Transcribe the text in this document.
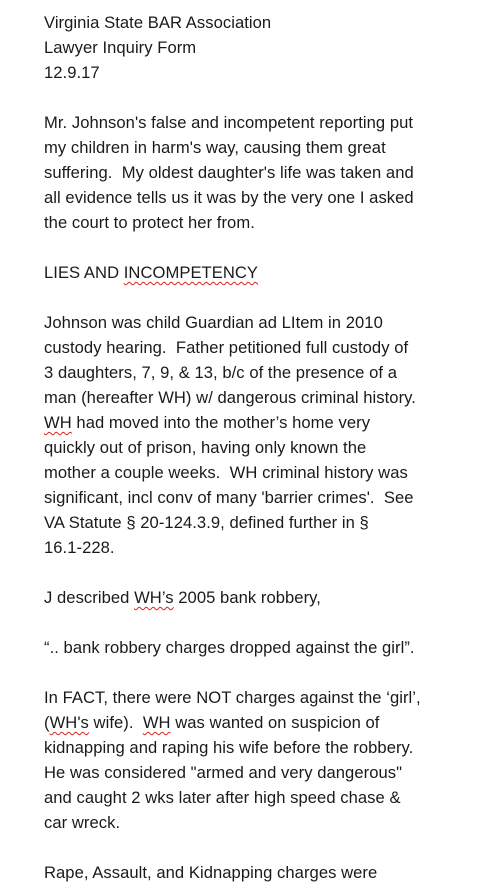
Virginia State BAR Association
Lawyer Inquiry Form
12.9.17
Mr. Johnson's false and incompetent reporting put
my children in harm's way, causing them great
suffering.  My oldest daughter's life was taken and
all evidence tells us it was by the very one I asked
the court to protect her from.
LIES AND INCOMPETENCY
Johnson was child Guardian ad LItem in 2010
custody hearing.  Father petitioned full custody of
3 daughters, 7, 9, & 13, b/c of the presence of a
man (hereafter WH) w/ dangerous criminal history.
WH had moved into the mother’s home very
quickly out of prison, having only known the
mother a couple weeks.  WH criminal history was
significant, incl conv of many 'barrier crimes'.  See
VA Statute § 20-124.3.9, defined further in §
16.1-228.
J described WH’s 2005 bank robbery,
“.. bank robbery charges dropped against the girl”.
In FACT, there were NOT charges against the ‘girl’,
(WH's wife).  WH was wanted on suspicion of
kidnapping and raping his wife before the robbery.
He was considered "armed and very dangerous"
and caught 2 wks later after high speed chase &
car wreck.
Rape, Assault, and Kidnapping charges were
